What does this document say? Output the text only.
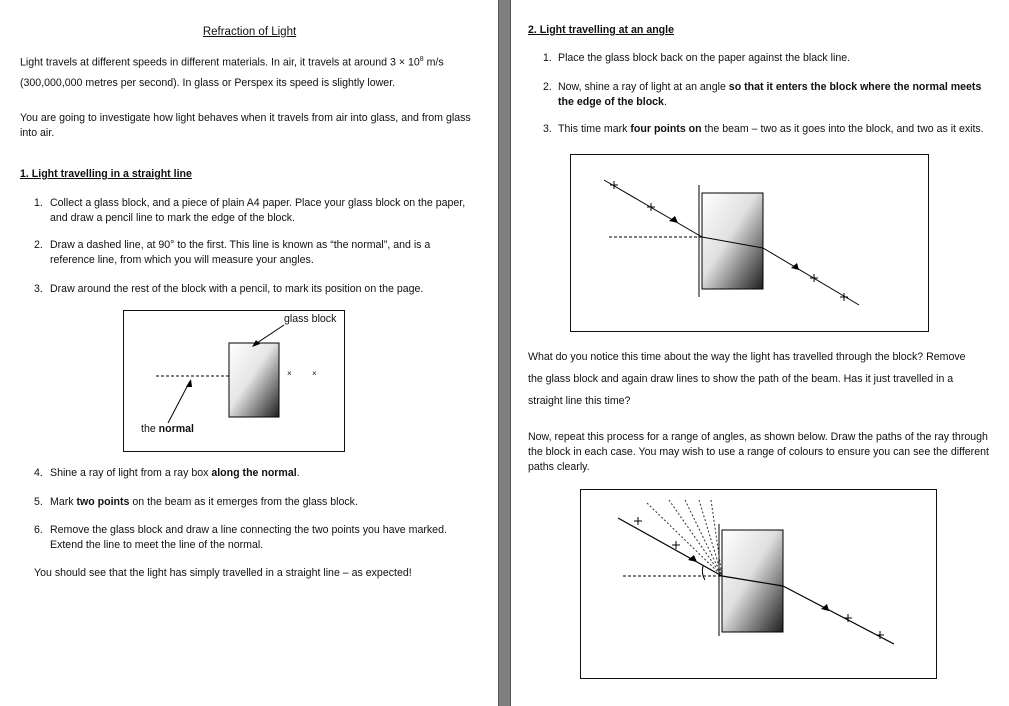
Refraction of Light
Light travels at different speeds in different materials. In air, it travels at around $3 \times 10^8$ m/s
(300,000,000 metres per second). In glass or Perspex its speed is slightly lower.
You are going to investigate how light behaves when it travels from air into glass, and from glass into air.
1. Light travelling in a straight line
1. Collect a glass block, and a piece of plain A4 paper. Place your glass block on the paper, and draw a pencil line to mark the edge of the block.
2. Draw a dashed line, at 90° to the first. This line is known as “the normal”, and is a reference line, from which you will measure your angles.
3. Draw around the rest of the block with a pencil, to mark its position on the page.
glass block
the normal
×	×
4. Shine a ray of light from a ray box along the normal.
5. Mark two points on the beam as it emerges from the glass block.
6. Remove the glass block and draw a line connecting the two points you have marked. Extend the line to meet the line of the normal.
You should see that the light has simply travelled in a straight line – as expected!
2. Light travelling at an angle
1. Place the glass block back on the paper against the black line.
2. Now, shine a ray of light at an angle so that it enters the block where the normal meets the edge of the block.
3. This time mark four points on the beam – two as it goes into the block, and two as it exits.
What do you notice this time about the way the light has travelled through the block? Remove
the glass block and again draw lines to show the path of the beam. Has it just travelled in a
straight line this time?
Now, repeat this process for a range of angles, as shown below. Draw the paths of the ray through the block in each case. You may wish to use a range of colours to ensure you can see the different paths clearly.
